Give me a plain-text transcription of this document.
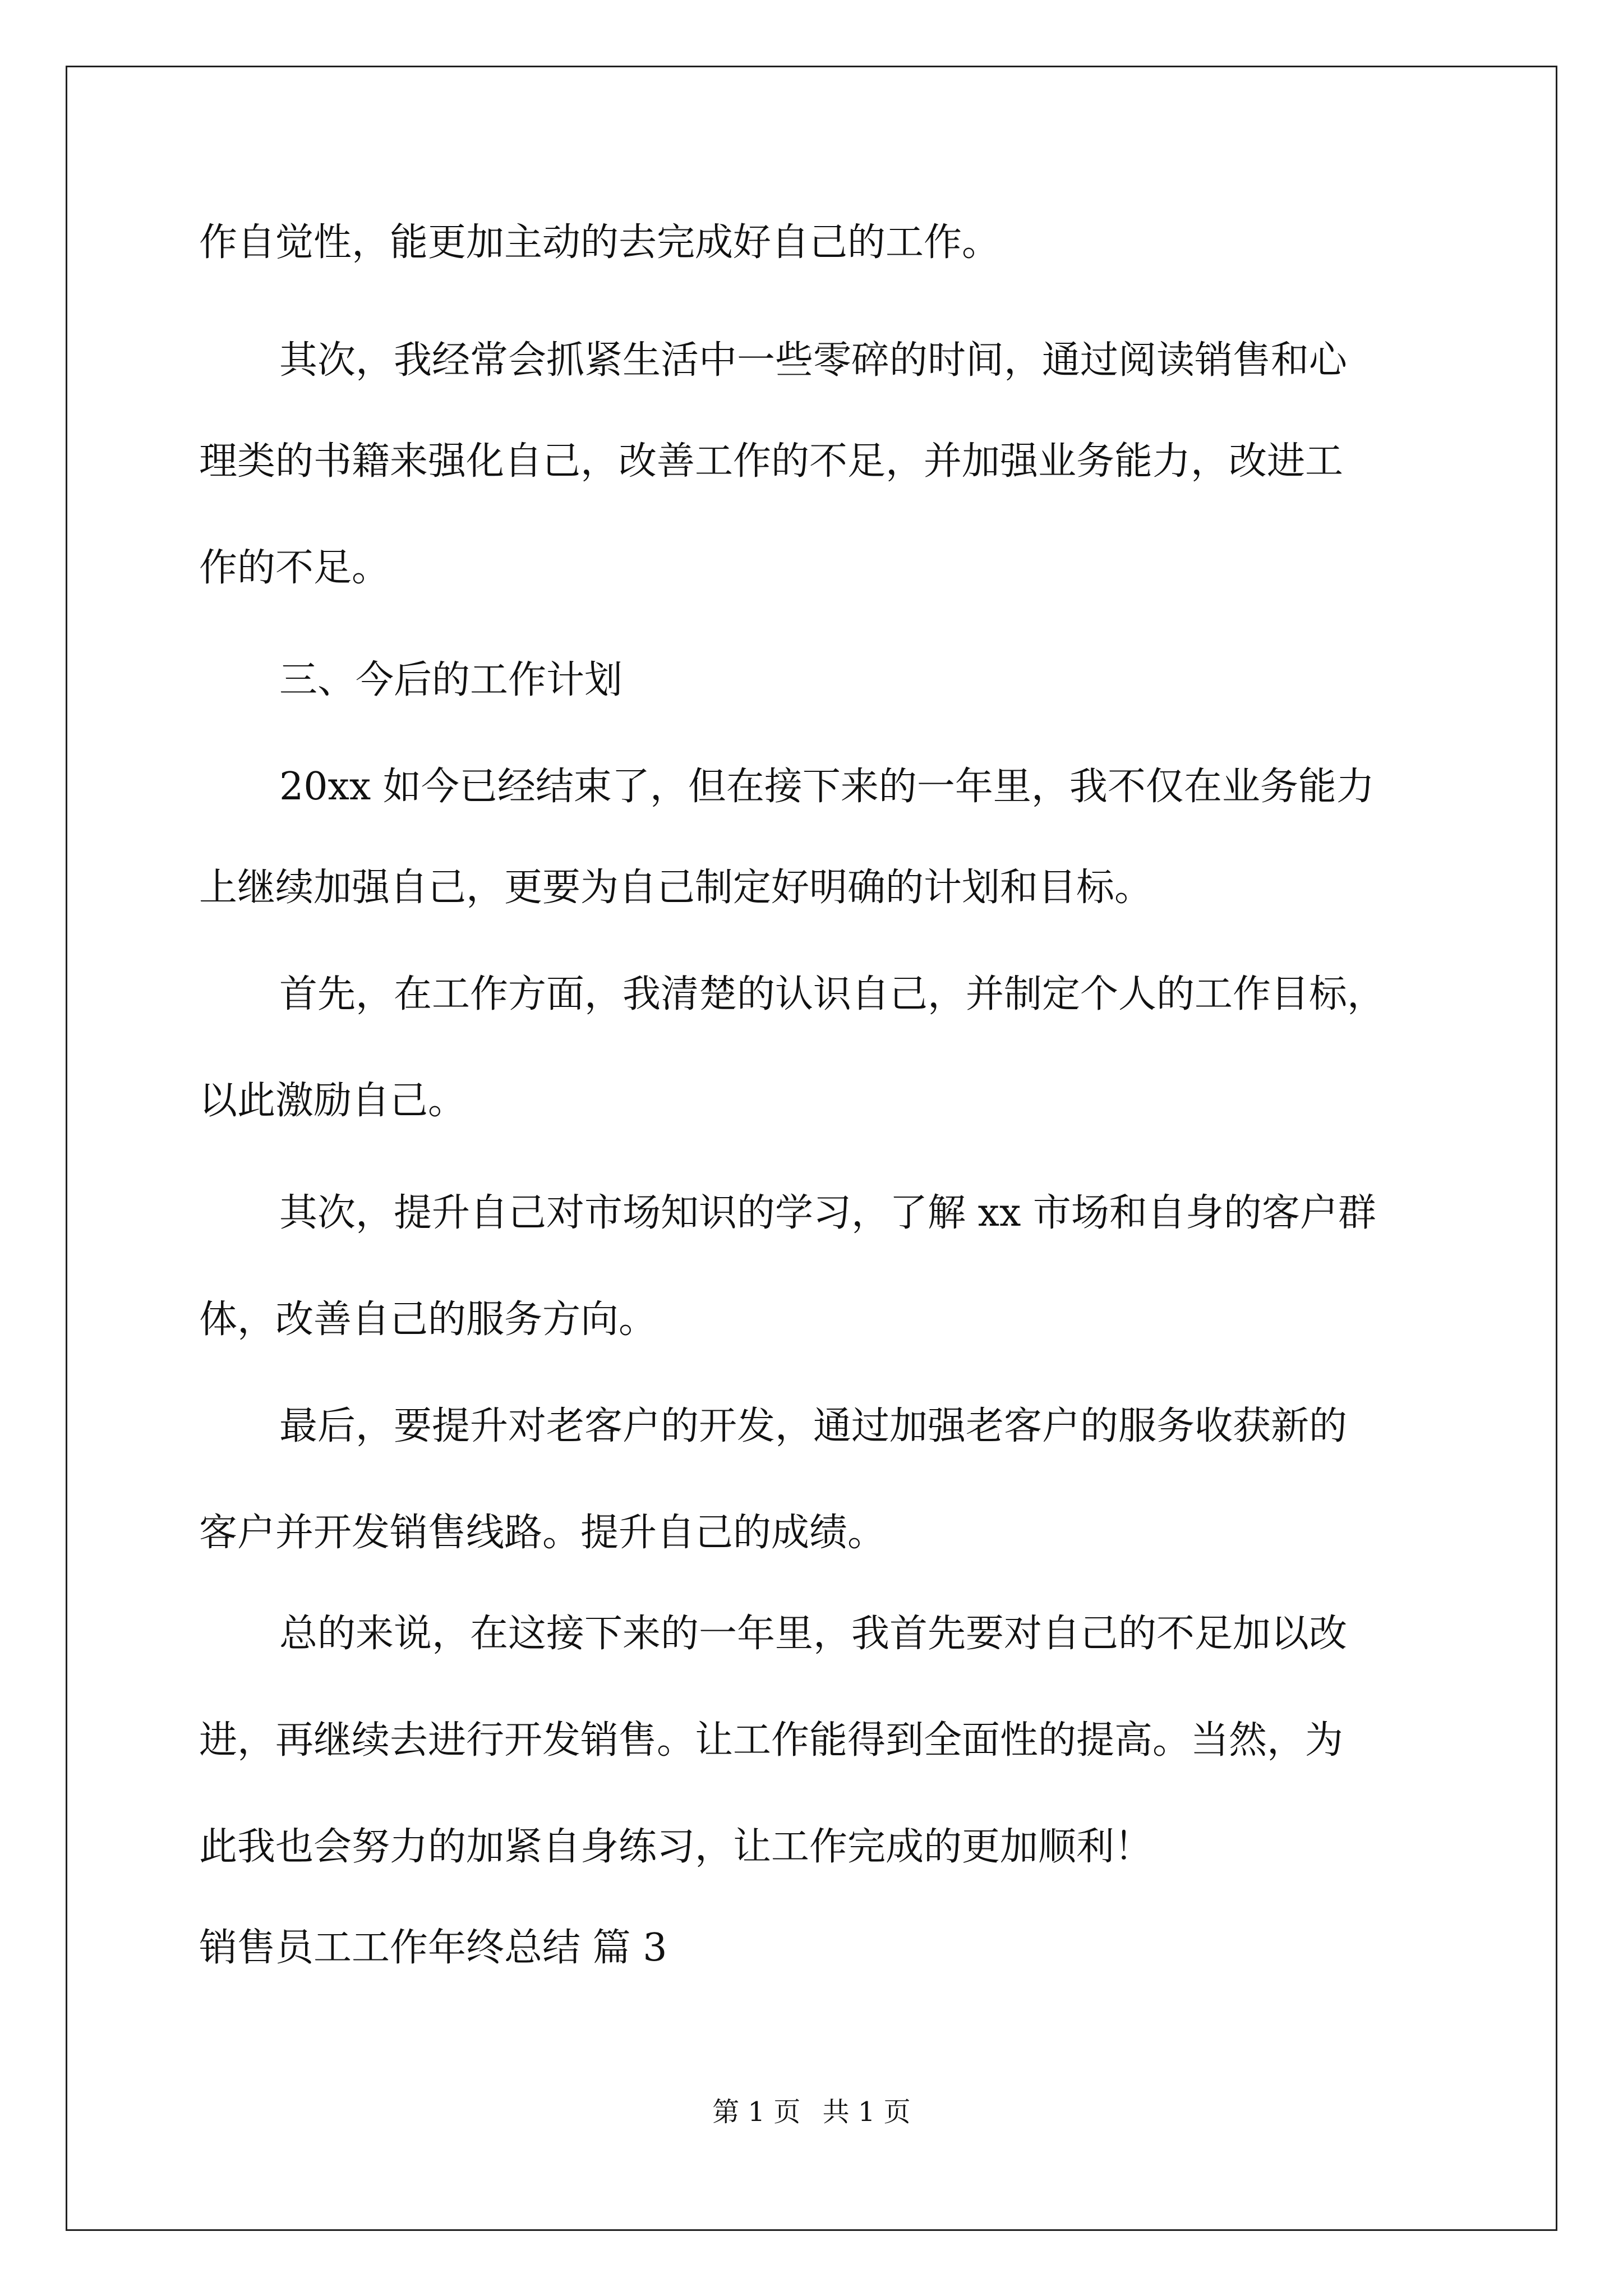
作自觉性，能更加主动的去完成好自己的工作。

其次，我经常会抓紧生活中一些零碎的时间，通过阅读销售和心

理类的书籍来强化自己，改善工作的不足，并加强业务能力，改进工

作的不足。

三、今后的工作计划

20xx 如今已经结束了，但在接下来的一年里，我不仅在业务能力

上继续加强自己，更要为自己制定好明确的计划和目标。

首先，在工作方面，我清楚的认识自己，并制定个人的工作目标，

以此激励自己。

其次，提升自己对市场知识的学习，了解 xx 市场和自身的客户群

体，改善自己的服务方向。

最后，要提升对老客户的开发，通过加强老客户的服务收获新的

客户并开发销售线路。提升自己的成绩。

总的来说，在这接下来的一年里，我首先要对自己的不足加以改

进，再继续去进行开发销售。让工作能得到全面性的提高。当然，为

此我也会努力的加紧自身练习，让工作完成的更加顺利！

销售员工工作年终总结 篇 3

第 1 页 共 1 页
